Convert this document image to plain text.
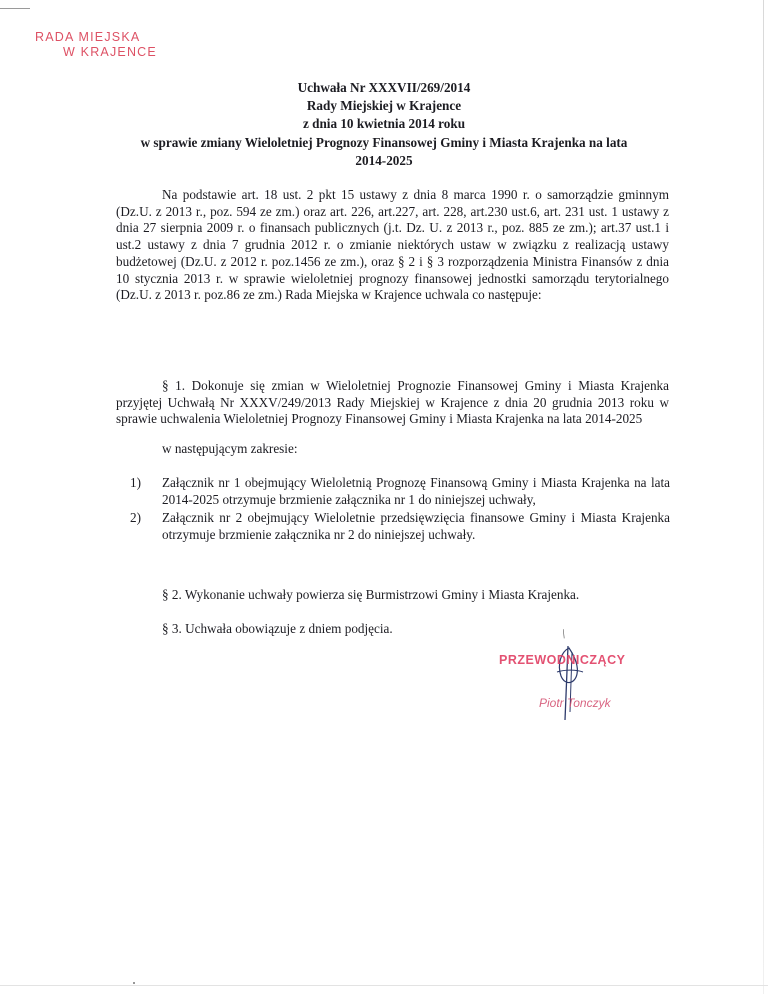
RADA MIEJSKA
W KRAJENCE
Uchwała Nr XXXVII/269/2014
Rady Miejskiej w Krajence
z dnia 10 kwietnia 2014 roku
w sprawie zmiany Wieloletniej Prognozy Finansowej Gminy i Miasta Krajenka na lata
2014-2025
Na podstawie art. 18 ust. 2 pkt 15 ustawy z dnia 8 marca 1990 r. o samorządzie gminnym (Dz.U. z 2013 r., poz. 594 ze zm.) oraz art. 226, art.227, art. 228, art.230 ust.6, art. 231 ust. 1 ustawy z dnia 27 sierpnia 2009 r. o finansach publicznych (j.t. Dz. U. z 2013 r., poz. 885 ze zm.); art.37 ust.1 i ust.2 ustawy z dnia 7 grudnia 2012 r. o zmianie niektórych ustaw w związku z realizacją ustawy budżetowej (Dz.U. z 2012 r. poz.1456 ze zm.), oraz § 2 i § 3 rozporządzenia Ministra Finansów z dnia 10 stycznia 2013 r. w sprawie wieloletniej prognozy finansowej jednostki samorządu terytorialnego (Dz.U. z 2013 r. poz.86 ze zm.) Rada Miejska w Krajence uchwala co następuje:
§ 1. Dokonuje się zmian w Wieloletniej Prognozie Finansowej Gminy i Miasta Krajenka przyjętej Uchwałą Nr XXXV/249/2013 Rady Miejskiej w Krajence z dnia 20 grudnia 2013 roku w sprawie uchwalenia Wieloletniej Prognozy Finansowej Gminy i Miasta Krajenka na lata 2014-2025
w następującym zakresie:
1)	Załącznik nr 1 obejmujący Wieloletnią Prognozę Finansową Gminy i Miasta Krajenka na lata 2014-2025 otrzymuje brzmienie załącznika nr 1 do niniejszej uchwały,
2)	Załącznik nr 2 obejmujący Wieloletnie przedsięwzięcia finansowe Gminy i Miasta Krajenka otrzymuje brzmienie załącznika nr 2 do niniejszej uchwały.
§ 2. Wykonanie uchwały powierza się Burmistrzowi Gminy i Miasta Krajenka.
§ 3. Uchwała obowiązuje z dniem podjęcia.	/
PRZEWODNICZĄCY
Piotr Tonczyk
